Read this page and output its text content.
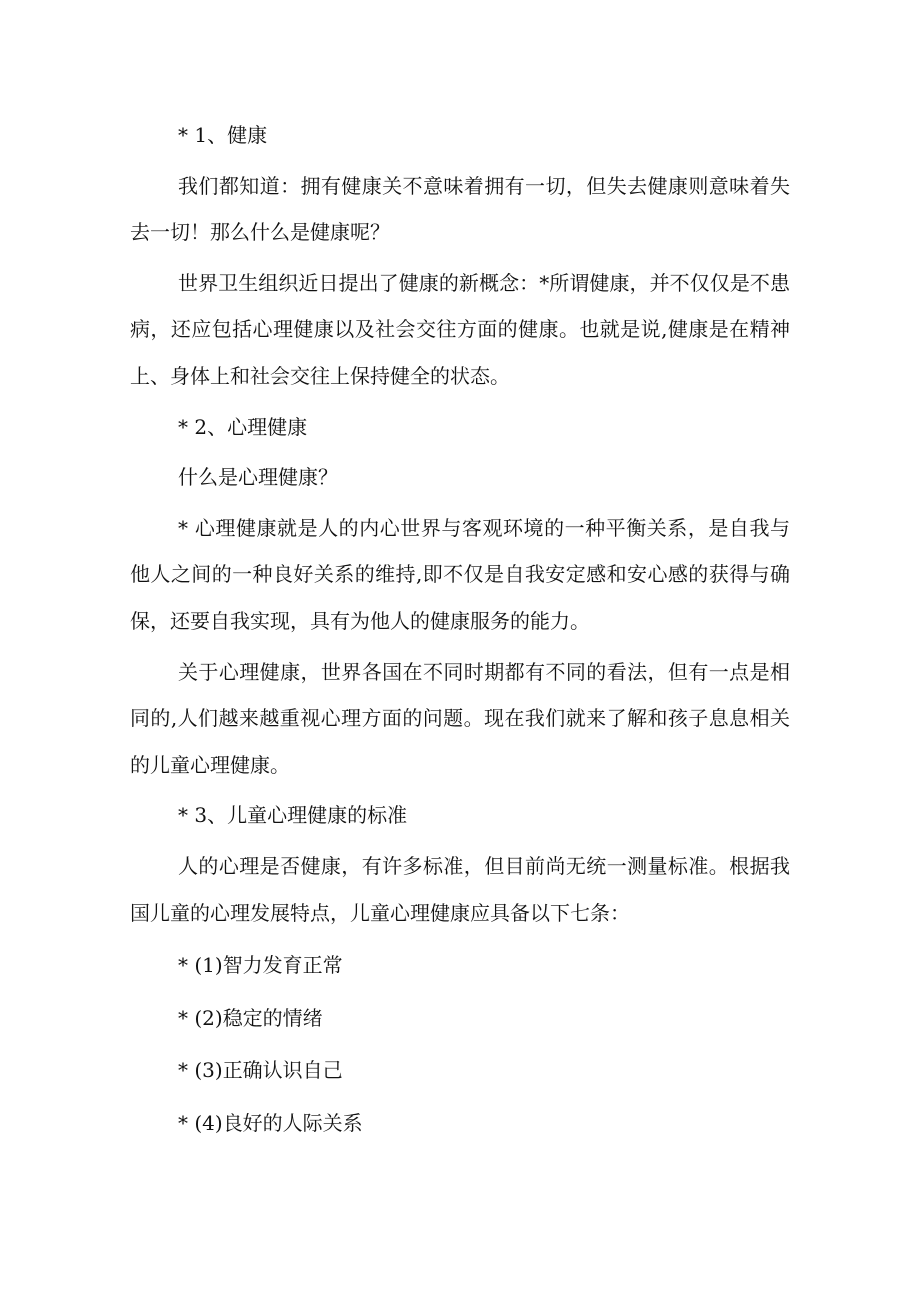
* 1、健康

我们都知道：拥有健康关不意味着拥有一切，但失去健康则意味着失去一切！那么什么是健康呢？

世界卫生组织近日提出了健康的新概念：*所谓健康，并不仅仅是不患病，还应包括心理健康以及社会交往方面的健康。也就是说,健康是在精神上、身体上和社会交往上保持健全的状态。

* 2、心理健康

什么是心理健康？

* 心理健康就是人的内心世界与客观环境的一种平衡关系，是自我与他人之间的一种良好关系的维持,即不仅是自我安定感和安心感的获得与确保，还要自我实现，具有为他人的健康服务的能力。

关于心理健康，世界各国在不同时期都有不同的看法，但有一点是相同的,人们越来越重视心理方面的问题。现在我们就来了解和孩子息息相关的儿童心理健康。

* 3、儿童心理健康的标准

人的心理是否健康，有许多标准，但目前尚无统一测量标准。根据我国儿童的心理发展特点，儿童心理健康应具备以下七条：

* (1)智力发育正常

* (2)稳定的情绪

* (3)正确认识自己

* (4)良好的人际关系
